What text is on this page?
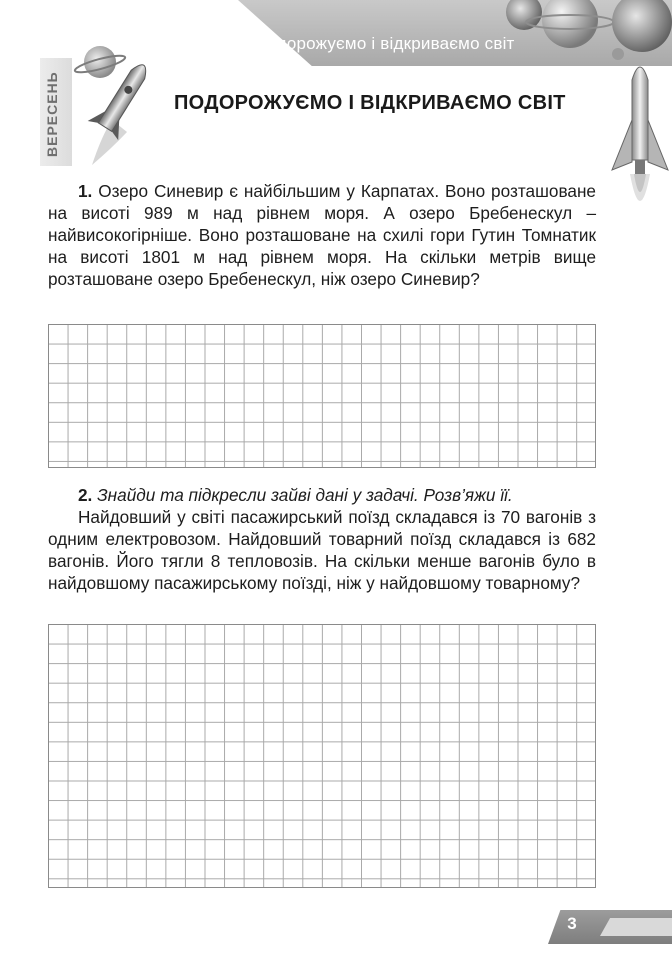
Подорожуємо і відкриваємо світ
ВЕРЕСЕНЬ	ПОДОРОЖУЄМО І ВІДКРИВАЄМО СВІТ
1. Озеро Синевир є найбільшим у Карпатах. Воно розташоване на висоті 989 м над рівнем моря. А озеро Бребенескул – найвисокогірніше. Воно розташоване на схилі гори Гутин Томнатик на висоті 1801 м над рівнем моря. На скільки метрів вище розташоване озеро Бребенескул, ніж озеро Синевир?
2. Знайди та підкресли зайві дані у задачі. Розв’яжи її.
Найдовший у світі пасажирський поїзд складався із 70 вагонів з одним електровозом. Найдовший товарний поїзд складався із 682 вагонів. Його тягли 8 тепловозів. На скільки менше вагонів було в найдовшому пасажирському поїзді, ніж у найдовшому товарному?
3
